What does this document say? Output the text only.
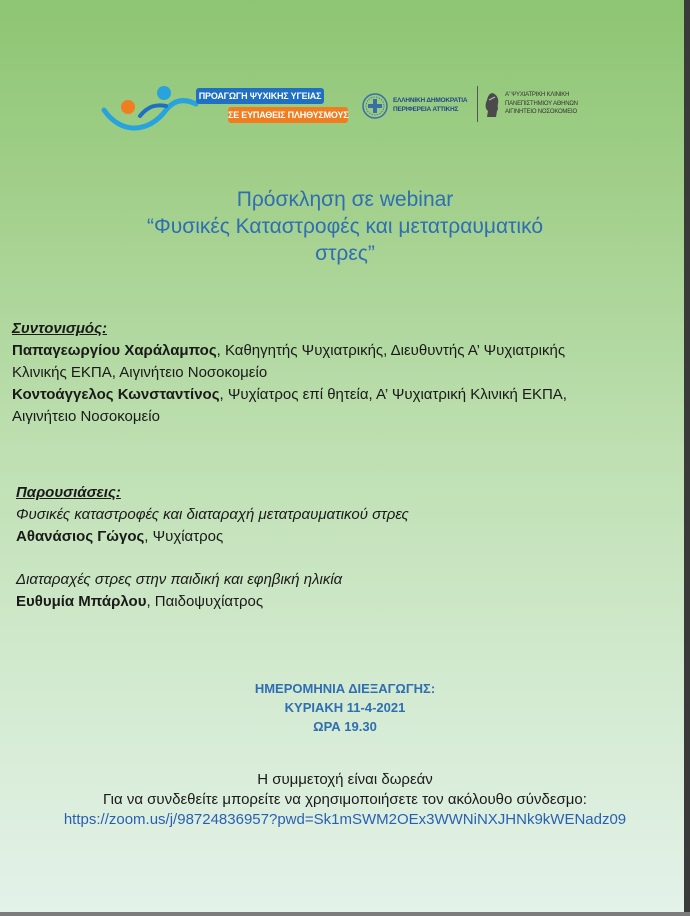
ΠΡΟΑΓΩΓΗ ΨΥΧΙΚΗΣ ΥΓΕΙΑΣ
ΣΕ ΕΥΠΑΘΕΙΣ ΠΛΗΘΥΣΜΟΥΣ
ΕΛΛΗΝΙΚΗ ΔΗΜΟΚΡΑΤΙΑ
ΠΕΡΙΦΕΡΕΙΑ ΑΤΤΙΚΗΣ
Α' ΨΥΧΙΑΤΡΙΚΗ ΚΛΙΝΙΚΗ
ΠΑΝΕΠΙΣΤΗΜΙΟΥ ΑΘΗΝΩΝ
ΑΙΓΙΝΗΤΕΙΟ ΝΟΣΟΚΟΜΕΙΟ
Πρόσκληση σε webinar
“Φυσικές Καταστροφές και μετατραυματικό
στρες”
Συντονισμός:
Παπαγεωργίου Χαράλαμπος, Καθηγητής Ψυχιατρικής, Διευθυντής Α’ Ψυχιατρικής
Κλινικής ΕΚΠΑ, Αιγινήτειο Νοσοκομείο
Κοντοάγγελος Κωνσταντίνος, Ψυχίατρος επί θητεία, Α’ Ψυχιατρική Κλινική ΕΚΠΑ,
Αιγινήτειο Νοσοκομείο
Παρουσιάσεις:
Φυσικές καταστροφές και διαταραχή μετατραυματικού στρες
Αθανάσιος Γώγος, Ψυχίατρος
Διαταραχές στρες στην παιδική και εφηβική ηλικία
Ευθυμία Μπάρλου, Παιδοψυχίατρος
ΗΜΕΡΟΜΗΝΙΑ ΔΙΕΞΑΓΩΓΗΣ:
ΚΥΡΙΑΚΗ 11-4-2021
ΩΡΑ 19.30
Η συμμετοχή είναι δωρεάν
Για να συνδεθείτε μπορείτε να χρησιμοποιήσετε τον ακόλουθο σύνδεσμο:
https://zoom.us/j/98724836957?pwd=Sk1mSWM2OEx3WWNiNXJHNk9kWENadz09
